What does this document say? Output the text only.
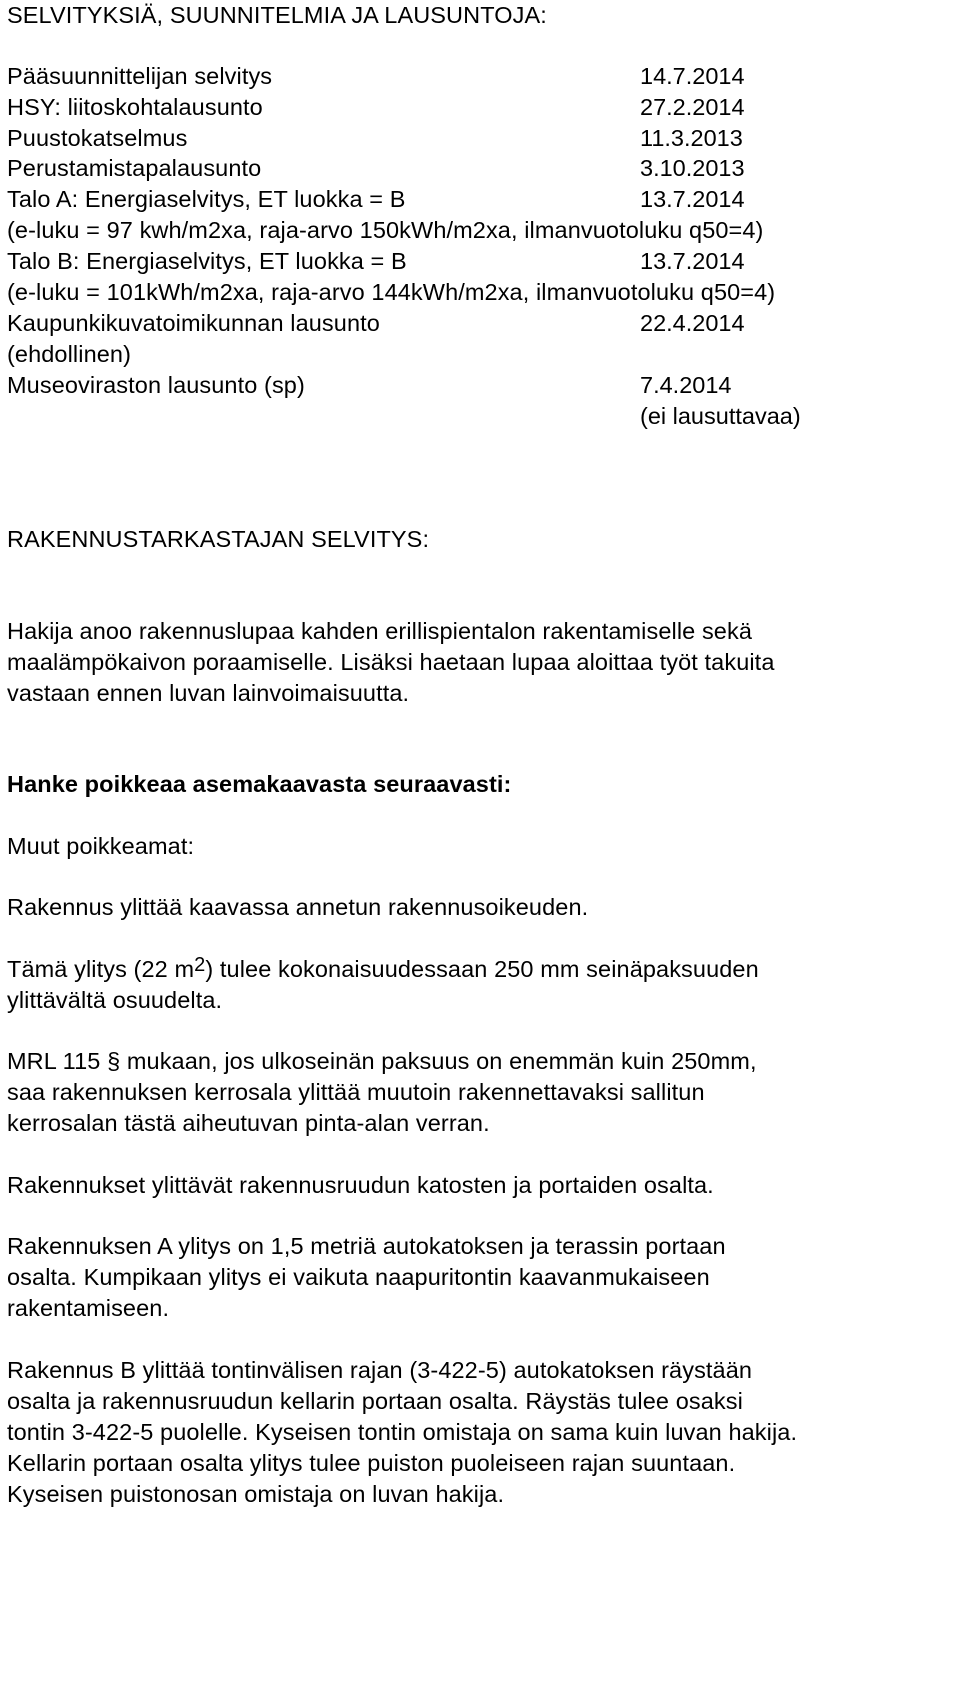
SELVITYKSIÄ, SUUNNITELMIA JA LAUSUNTOJA:
Pääsuunnittelijan selvitys	14.7.2014
HSY: liitoskohtalausunto	27.2.2014
Puustokatselmus	11.3.2013
Perustamistapalausunto	3.10.2013
Talo A: Energiaselvitys, ET luokka = B	13.7.2014
(e-luku = 97 kwh/m2xa, raja-arvo 150kWh/m2xa, ilmanvuotoluku q50=4)
Talo B: Energiaselvitys, ET luokka = B	13.7.2014
(e-luku = 101kWh/m2xa, raja-arvo 144kWh/m2xa, ilmanvuotoluku q50=4)
Kaupunkikuvatoimikunnan lausunto	22.4.2014
(ehdollinen)
Museoviraston lausunto (sp)	7.4.2014
(ei lausuttavaa)
RAKENNUSTARKASTAJAN SELVITYS:
Hakija anoo rakennuslupaa kahden erillispientalon rakentamiselle sekä
maalämpökaivon poraamiselle. Lisäksi haetaan lupaa aloittaa työt takuita
vastaan ennen luvan lainvoimaisuutta.
Hanke poikkeaa asemakaavasta seuraavasti:
Muut poikkeamat:
Rakennus ylittää kaavassa annetun rakennusoikeuden.
Tämä ylitys (22 $m^2$) tulee kokonaisuudessaan 250 mm seinäpaksuuden
ylittävältä osuudelta.
MRL 115 § mukaan, jos ulkoseinän paksuus on enemmän kuin 250mm,
saa rakennuksen kerrosala ylittää muutoin rakennettavaksi sallitun
kerrosalan tästä aiheutuvan pinta-alan verran.
Rakennukset ylittävät rakennusruudun katosten ja portaiden osalta.
Rakennuksen A ylitys on 1,5 metriä autokatoksen ja terassin portaan
osalta. Kumpikaan ylitys ei vaikuta naapuritontin kaavanmukaiseen
rakentamiseen.
Rakennus B ylittää tontinvälisen rajan (3-422-5) autokatoksen räystään
osalta ja rakennusruudun kellarin portaan osalta. Räystäs tulee osaksi
tontin 3-422-5 puolelle. Kyseisen tontin omistaja on sama kuin luvan hakija.
Kellarin portaan osalta ylitys tulee puiston puoleiseen rajan suuntaan.
Kyseisen puistonosan omistaja on luvan hakija.
